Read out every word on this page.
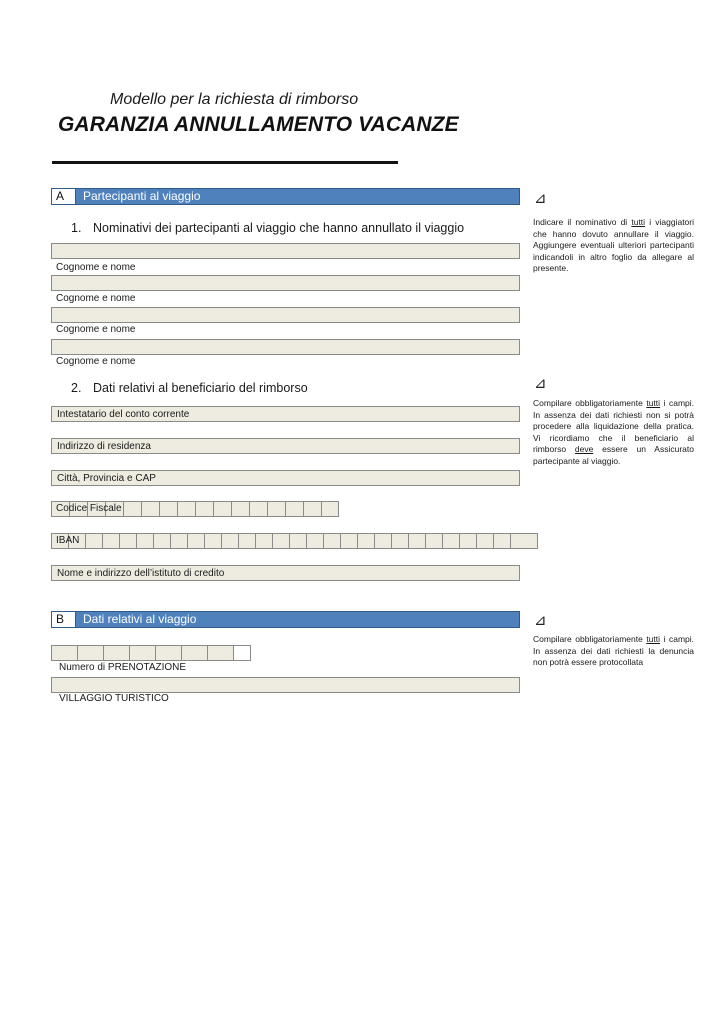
Modello per la richiesta di rimborso
GARANZIA ANNULLAMENTO VACANZE
A	Partecipanti al viaggio	⊿
1. Nominativi dei partecipanti al viaggio che hanno annullato il viaggio	Indicare il nominativo di tutti i viaggiatori che hanno dovuto annullare il viaggio. Aggiungere eventuali ulteriori partecipanti indicandoli in altro foglio da allegare al presente.
Cognome e nome
Cognome e nome
Cognome e nome
Cognome e nome
2. Dati relativi al beneficiario del rimborso	⊿
Compilare obbligatoriamente tutti i campi. In assenza dei dati richiesti non si potrà procedere alla liquidazione della pratica. Vi ricordiamo che il beneficiario al rimborso deve essere un Assicurato partecipante al viaggio.
Intestatario del conto corrente
Indirizzo di residenza
Città, Provincia e CAP
Codice Fiscale
IBAN
Nome e indirizzo dell’istituto di credito
B	Dati relativi al viaggio	⊿
Compilare obbligatoriamente tutti i campi. In assenza dei dati richiesti la denuncia non potrà essere protocollata
Numero di PRENOTAZIONE
VILLAGGIO TURISTICO
